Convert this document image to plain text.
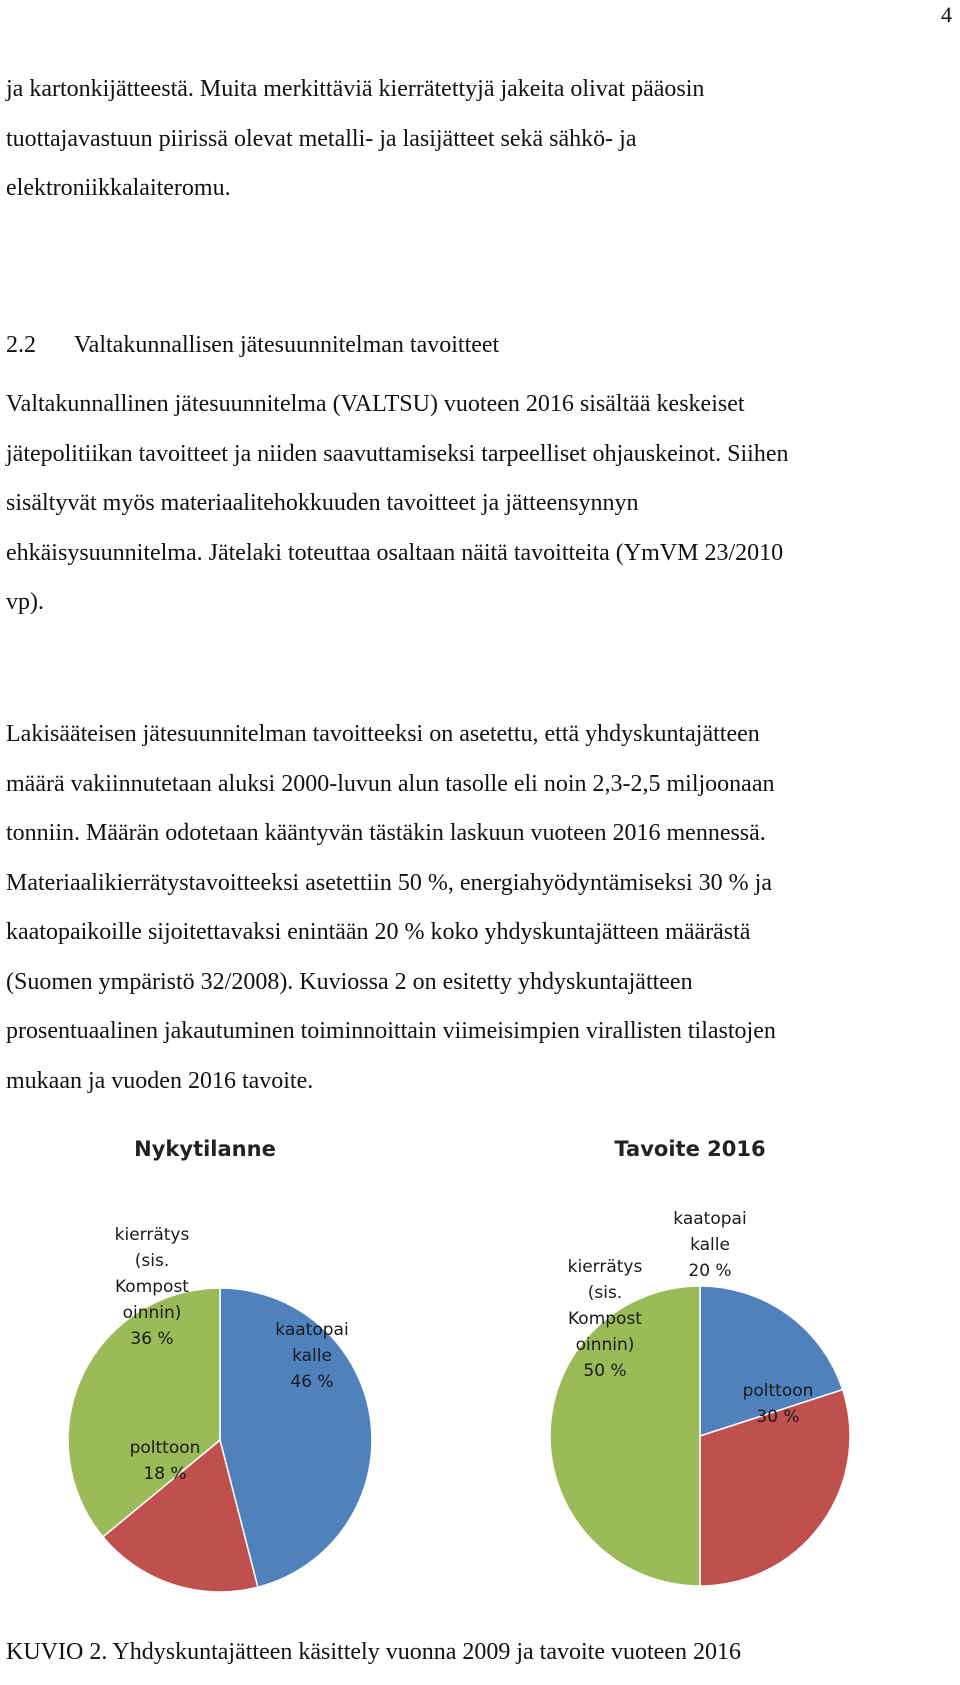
4

ja kartonkijätteestä. Muita merkittäviä kierrätettyjä jakeita olivat pääosin
tuottajavastuun piirissä olevat metalli- ja lasijätteet sekä sähkö- ja
elektroniikkalaiteromu.

2.2 Valtakunnallisen jätesuunnitelman tavoitteet

Valtakunnallinen jätesuunnitelma (VALTSU) vuoteen 2016 sisältää keskeiset
jätepolitiikan tavoitteet ja niiden saavuttamiseksi tarpeelliset ohjauskeinot. Siihen
sisältyvät myös materiaalitehokkuuden tavoitteet ja jätteensynnyn
ehkäisysuunnitelma. Jätelaki toteuttaa osaltaan näitä tavoitteita (YmVM 23/2010
vp).

Lakisääteisen jätesuunnitelman tavoitteeksi on asetettu, että yhdyskuntajätteen
määrä vakiinnutetaan aluksi 2000-luvun alun tasolle eli noin 2,3-2,5 miljoonaan
tonniin. Määrän odotetaan kääntyvän tästäkin laskuun vuoteen 2016 mennessä.
Materiaalikierrätystavoitteeksi asetettiin 50 %, energiahyödyntämiseksi 30 % ja
kaatopaikoille sijoitettavaksi enintään 20 % koko yhdyskuntajätteen määrästä
(Suomen ympäristö 32/2008). Kuviossa 2 on esitetty yhdyskuntajätteen
prosentuaalinen jakautuminen toiminnoittain viimeisimpien virallisten tilastojen
mukaan ja vuoden 2016 tavoite.

Nykytilanne
kaatopai kalle 46 %
polttoon 18 %
kierrätys (sis. Kompost oinnin) 36 %
Tavoite 2016
kaatopai kalle 20 %
polttoon 30 %
kierrätys (sis. Kompost oinnin) 50 %

KUVIO 2. Yhdyskuntajätteen käsittely vuonna 2009 ja tavoite vuoteen 2016
